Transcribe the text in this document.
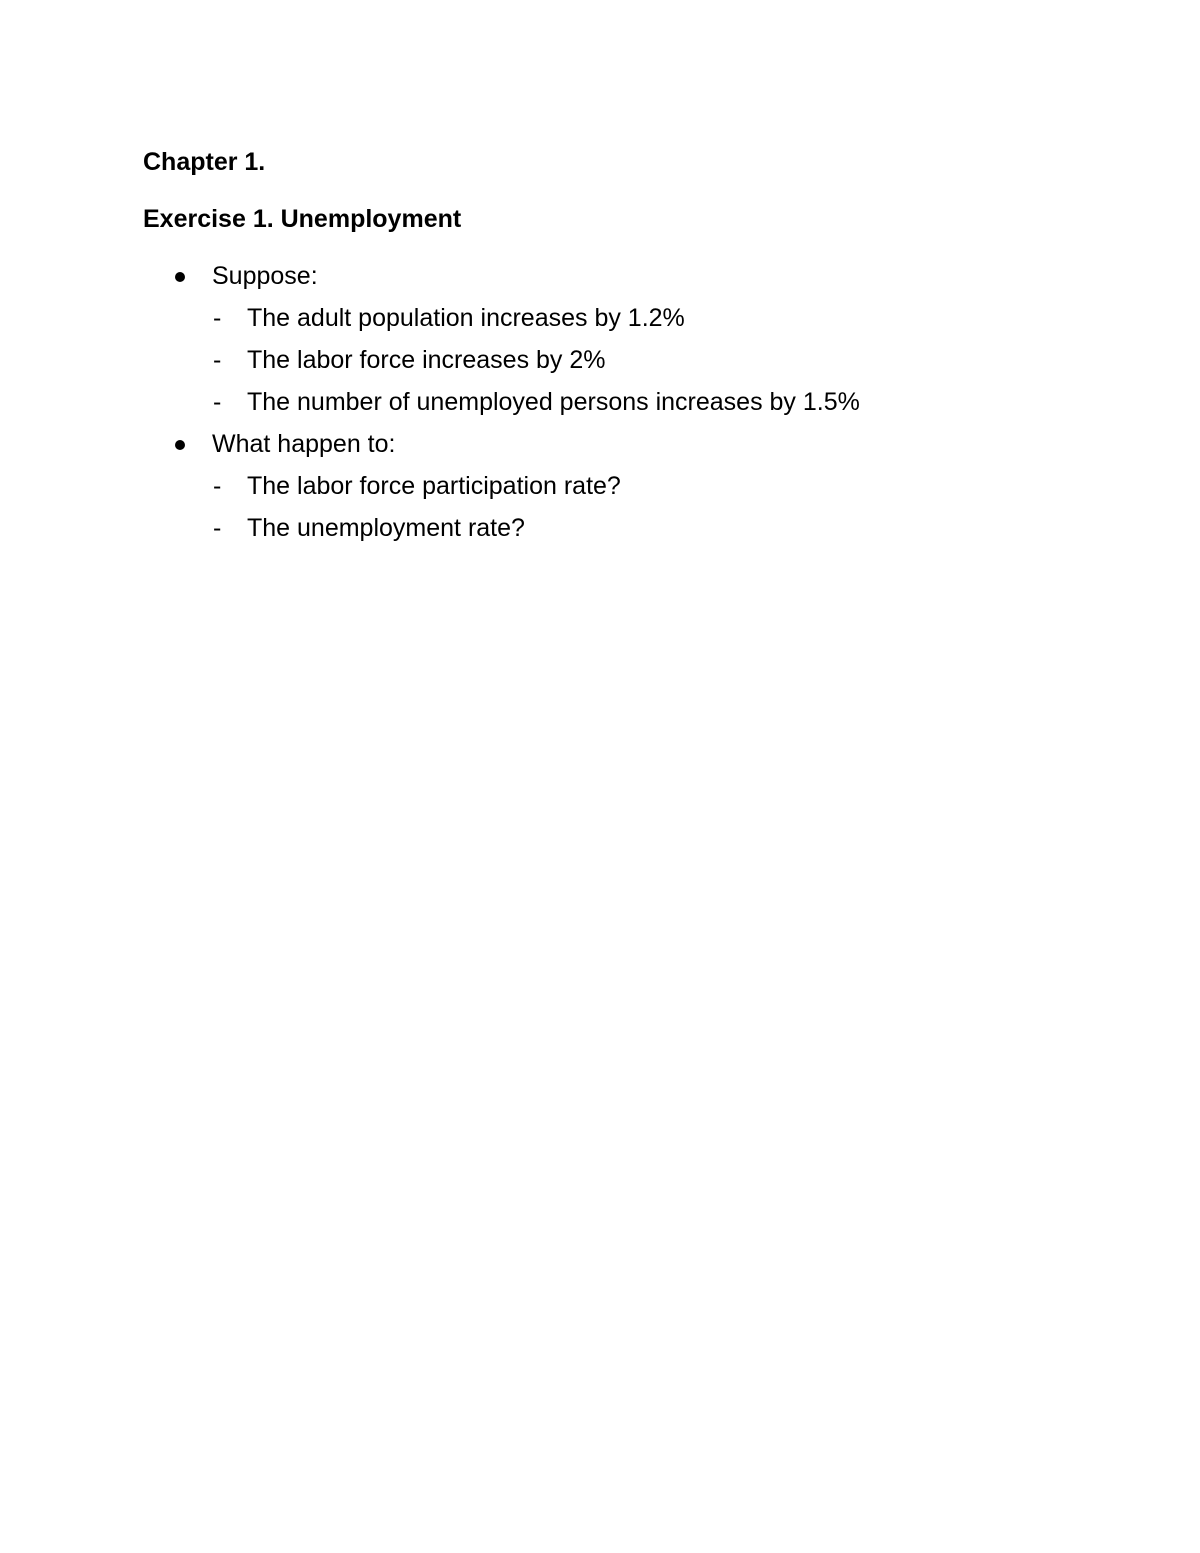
Chapter 1.
Exercise 1. Unemployment
Suppose:
- The adult population increases by 1.2%
- The labor force increases by 2%
- The number of unemployed persons increases by 1.5%
What happen to:
- The labor force participation rate?
- The unemployment rate?
